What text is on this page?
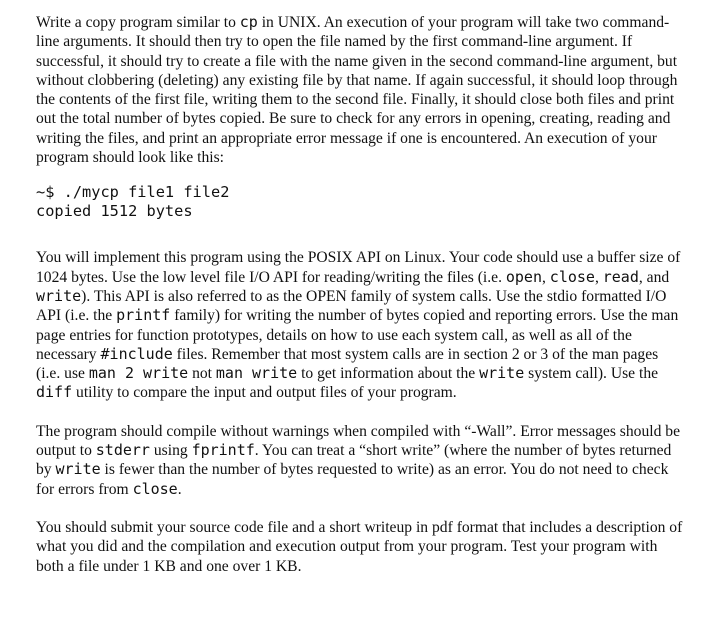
Write a copy program similar to cp in UNIX. An execution of your program will take two command-line arguments. It should then try to open the file named by the first command-line argument. If successful, it should try to create a file with the name given in the second command-line argument, but without clobbering (deleting) any existing file by that name. If again successful, it should loop through the contents of the first file, writing them to the second file. Finally, it should close both files and print out the total number of bytes copied. Be sure to check for any errors in opening, creating, reading and writing the files, and print an appropriate error message if one is encountered. An execution of your program should look like this:

~$ ./mycp file1 file2
copied 1512 bytes

You will implement this program using the POSIX API on Linux. Your code should use a buffer size of 1024 bytes. Use the low level file I/O API for reading/writing the files (i.e. open, close, read, and write). This API is also referred to as the OPEN family of system calls. Use the stdio formatted I/O API (i.e. the printf family) for writing the number of bytes copied and reporting errors. Use the man page entries for function prototypes, details on how to use each system call, as well as all of the necessary #include files. Remember that most system calls are in section 2 or 3 of the man pages (i.e. use man 2 write not man write to get information about the write system call). Use the diff utility to compare the input and output files of your program.

The program should compile without warnings when compiled with “-Wall”. Error messages should be output to stderr using fprintf. You can treat a “short write” (where the number of bytes returned by write is fewer than the number of bytes requested to write) as an error. You do not need to check for errors from close.

You should submit your source code file and a short writeup in pdf format that includes a description of what you did and the compilation and execution output from your program. Test your program with both a file under 1 KB and one over 1 KB.
